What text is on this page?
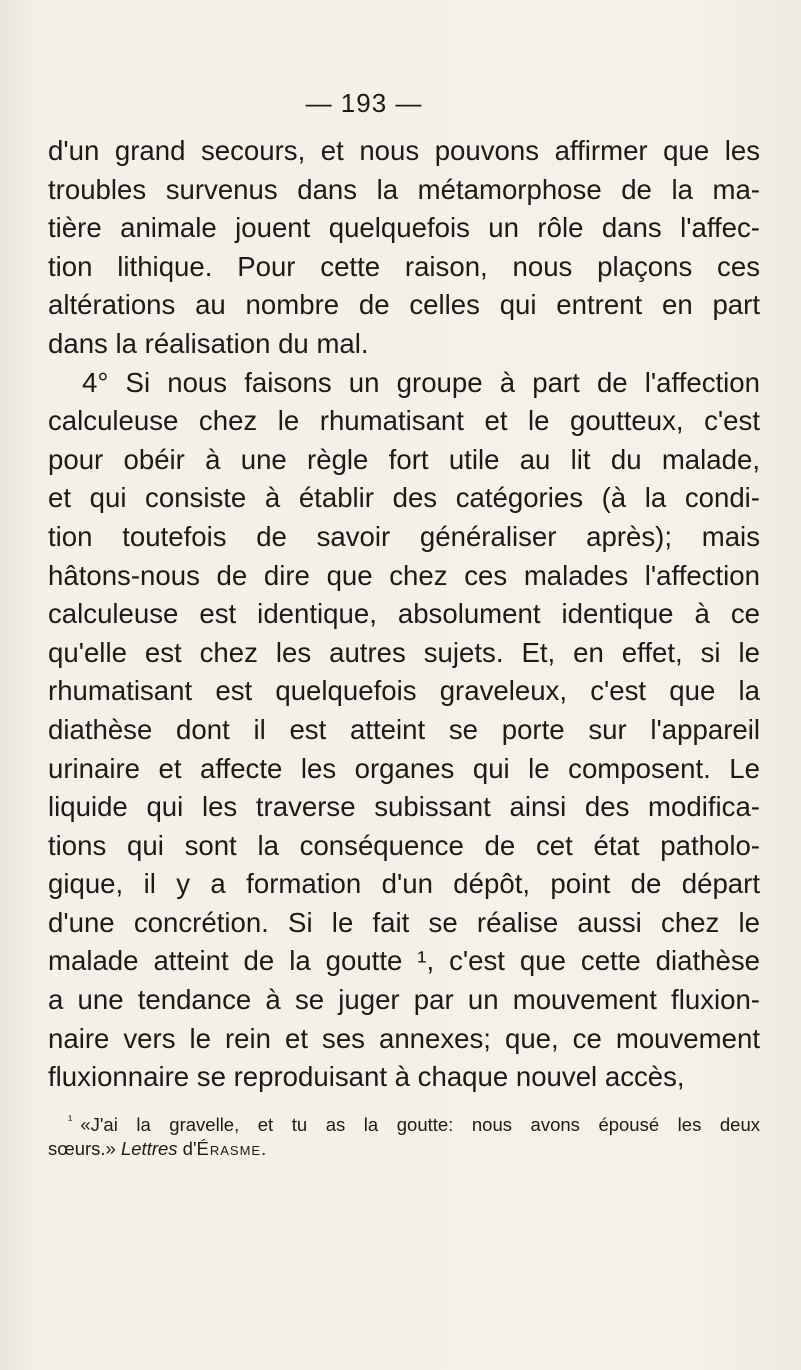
— 193 —
d'un grand secours, et nous pouvons affirmer que les
troubles survenus dans la métamorphose de la ma-
tière animale jouent quelquefois un rôle dans l'affec-
tion lithique. Pour cette raison, nous plaçons ces
altérations au nombre de celles qui entrent en part
dans la réalisation du mal.
4° Si nous faisons un groupe à part de l'affection
calculeuse chez le rhumatisant et le goutteux, c'est
pour obéir à une règle fort utile au lit du malade,
et qui consiste à établir des catégories (à la condi-
tion toutefois de savoir généraliser après); mais
hâtons-nous de dire que chez ces malades l'affection
calculeuse est identique, absolument identique à ce
qu'elle est chez les autres sujets. Et, en effet, si le
rhumatisant est quelquefois graveleux, c'est que la
diathèse dont il est atteint se porte sur l'appareil
urinaire et affecte les organes qui le composent. Le
liquide qui les traverse subissant ainsi des modifica-
tions qui sont la conséquence de cet état patholo-
gique, il y a formation d'un dépôt, point de départ
d'une concrétion. Si le fait se réalise aussi chez le
malade atteint de la goutte ¹, c'est que cette diathèse
a une tendance à se juger par un mouvement fluxion-
naire vers le rein et ses annexes; que, ce mouvement
fluxionnaire se reproduisant à chaque nouvel accès,
$^{^1}$ «J'ai la gravelle, et tu as la goutte: nous avons épousé les deux
sœurs.» Lettres d'Érasme.
